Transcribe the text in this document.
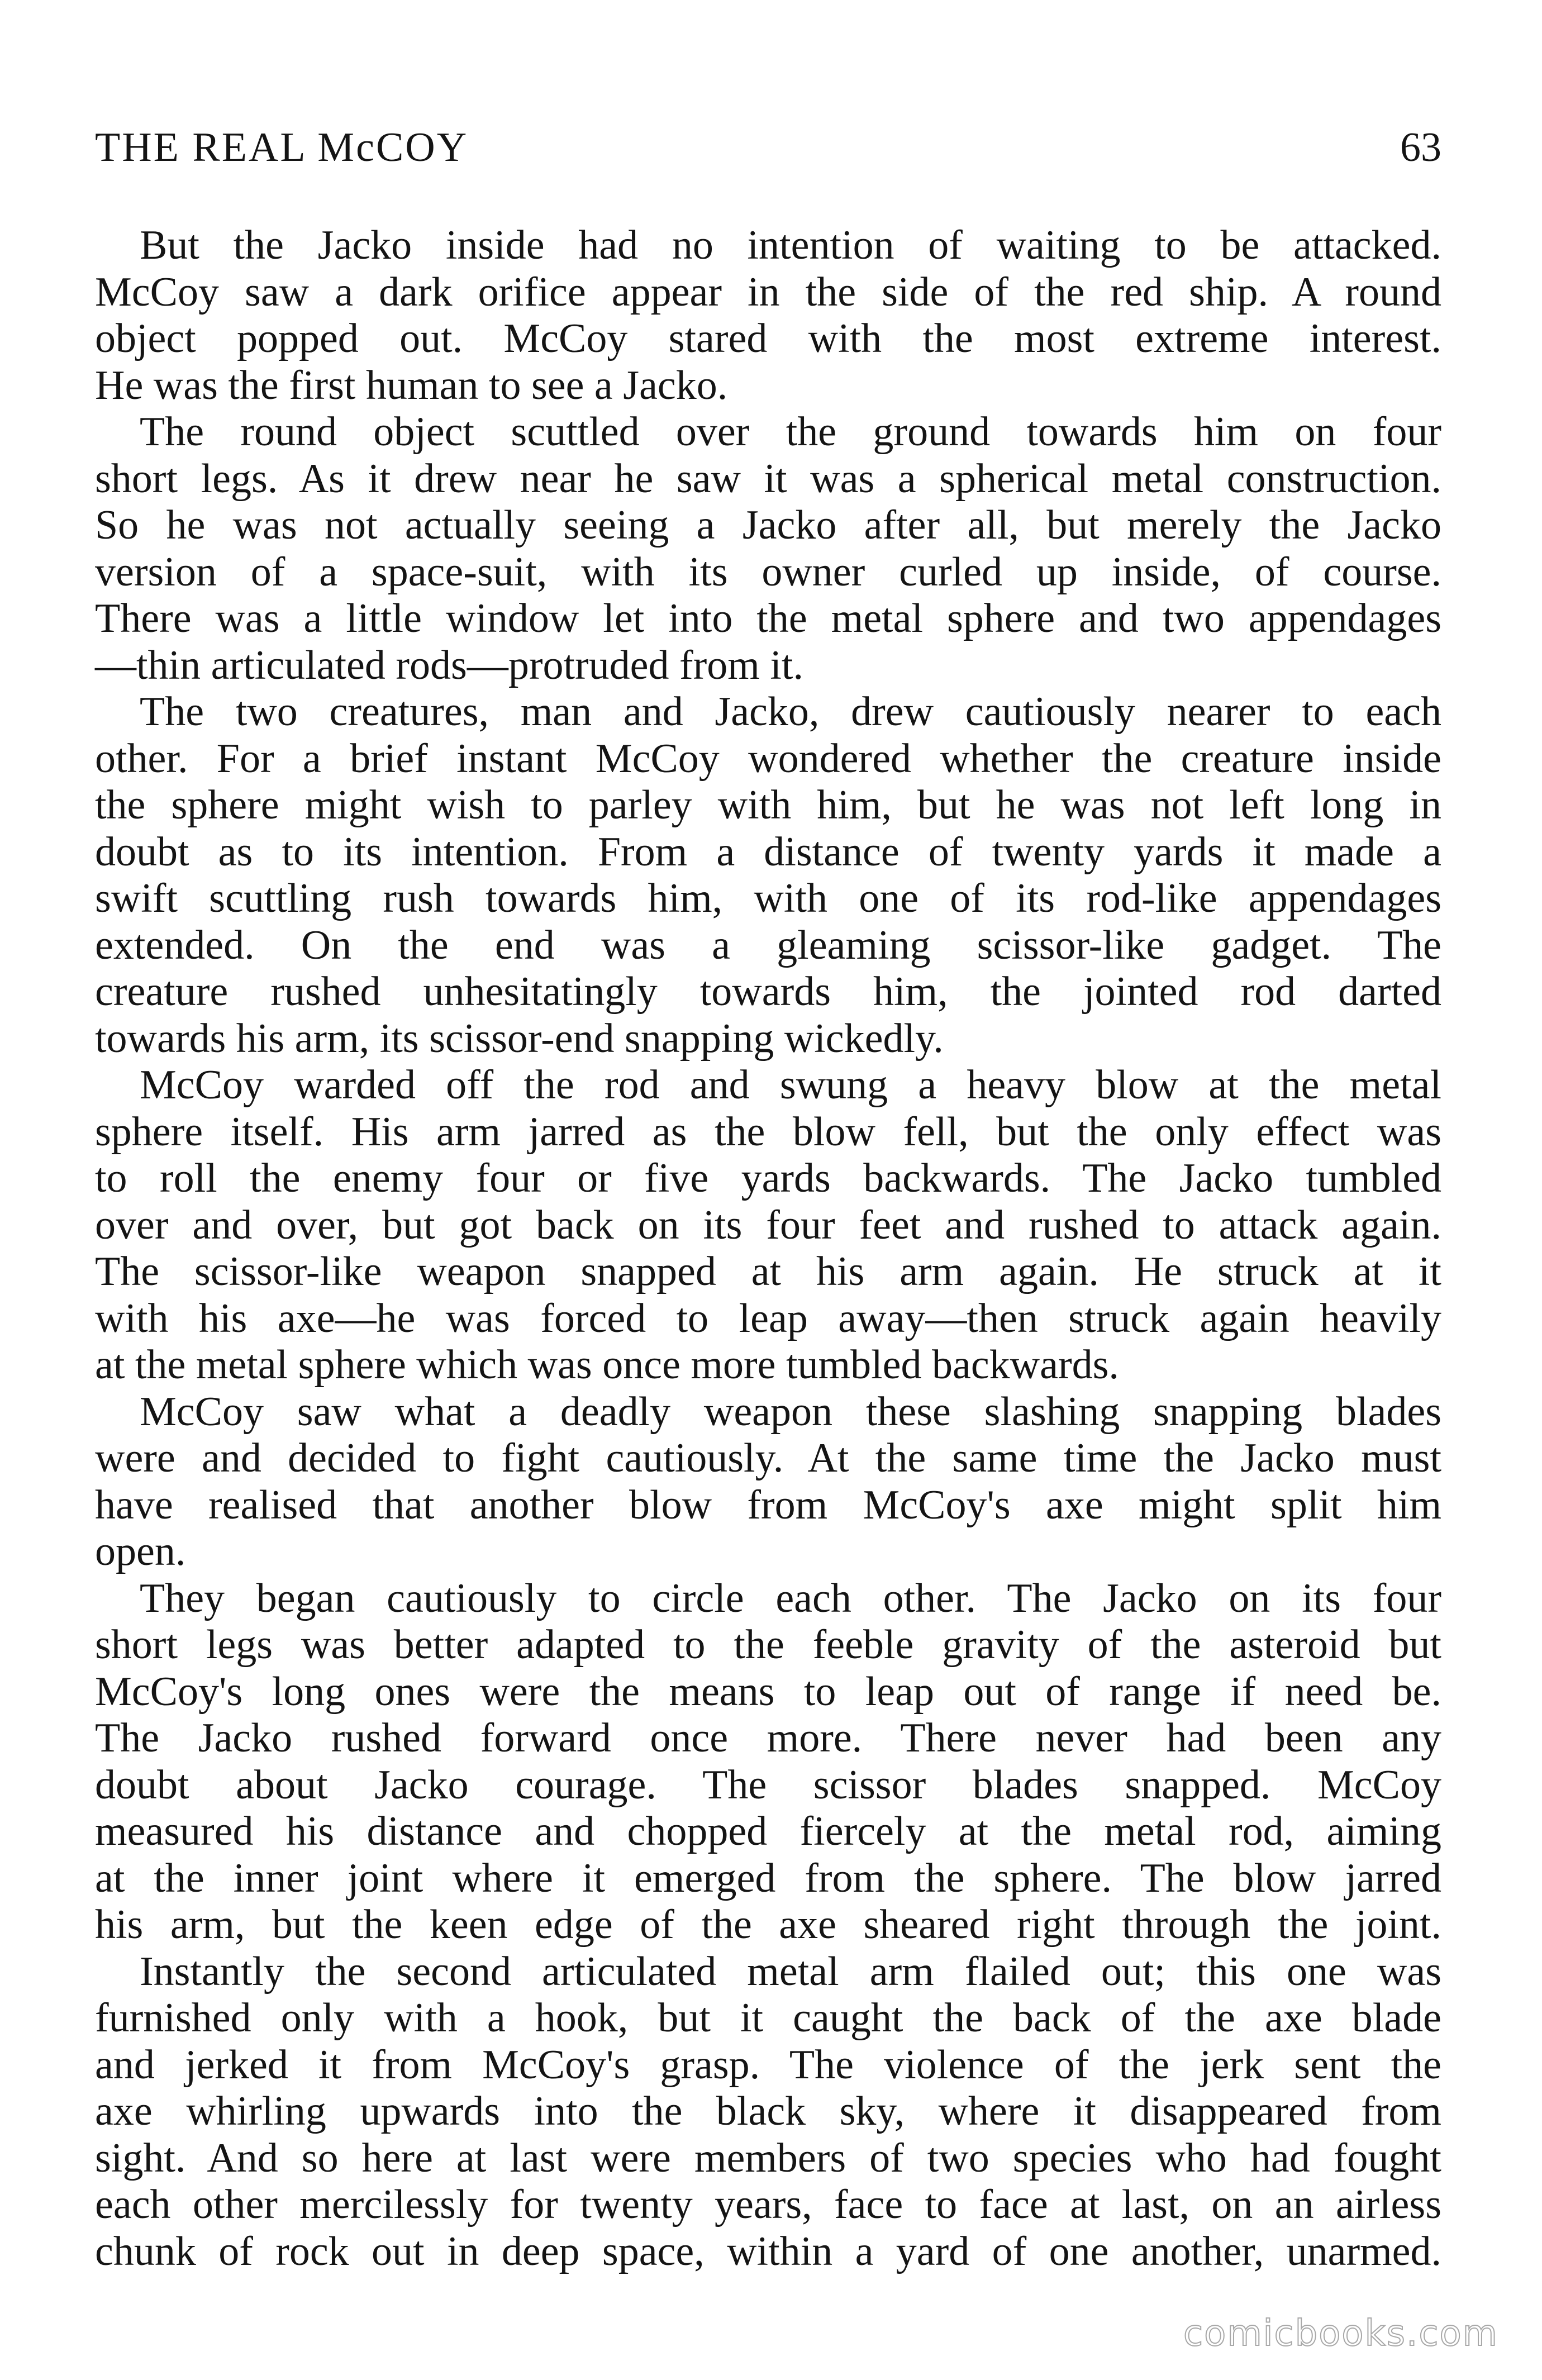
THE REAL McCOY	63
But the Jacko inside had no intention of waiting to be attacked.
McCoy saw a dark orifice appear in the side of the red ship. A round
object popped out. McCoy stared with the most extreme interest.
He was the first human to see a Jacko.
The round object scuttled over the ground towards him on four
short legs. As it drew near he saw it was a spherical metal construction.
So he was not actually seeing a Jacko after all, but merely the Jacko
version of a space-suit, with its owner curled up inside, of course.
There was a little window let into the metal sphere and two appendages
—thin articulated rods—protruded from it.
The two creatures, man and Jacko, drew cautiously nearer to each
other. For a brief instant McCoy wondered whether the creature inside
the sphere might wish to parley with him, but he was not left long in
doubt as to its intention. From a distance of twenty yards it made a
swift scuttling rush towards him, with one of its rod-like appendages
extended. On the end was a gleaming scissor-like gadget. The
creature rushed unhesitatingly towards him, the jointed rod darted
towards his arm, its scissor-end snapping wickedly.
McCoy warded off the rod and swung a heavy blow at the metal
sphere itself. His arm jarred as the blow fell, but the only effect was
to roll the enemy four or five yards backwards. The Jacko tumbled
over and over, but got back on its four feet and rushed to attack again.
The scissor-like weapon snapped at his arm again. He struck at it
with his axe—he was forced to leap away—then struck again heavily
at the metal sphere which was once more tumbled backwards.
McCoy saw what a deadly weapon these slashing snapping blades
were and decided to fight cautiously. At the same time the Jacko must
have realised that another blow from McCoy's axe might split him
open.
They began cautiously to circle each other. The Jacko on its four
short legs was better adapted to the feeble gravity of the asteroid but
McCoy's long ones were the means to leap out of range if need be.
The Jacko rushed forward once more. There never had been any
doubt about Jacko courage. The scissor blades snapped. McCoy
measured his distance and chopped fiercely at the metal rod, aiming
at the inner joint where it emerged from the sphere. The blow jarred
his arm, but the keen edge of the axe sheared right through the joint.
Instantly the second articulated metal arm flailed out; this one was
furnished only with a hook, but it caught the back of the axe blade
and jerked it from McCoy's grasp. The violence of the jerk sent the
axe whirling upwards into the black sky, where it disappeared from
sight. And so here at last were members of two species who had fought
each other mercilessly for twenty years, face to face at last, on an airless
chunk of rock out in deep space, within a yard of one another, unarmed.
comicbooks.com
